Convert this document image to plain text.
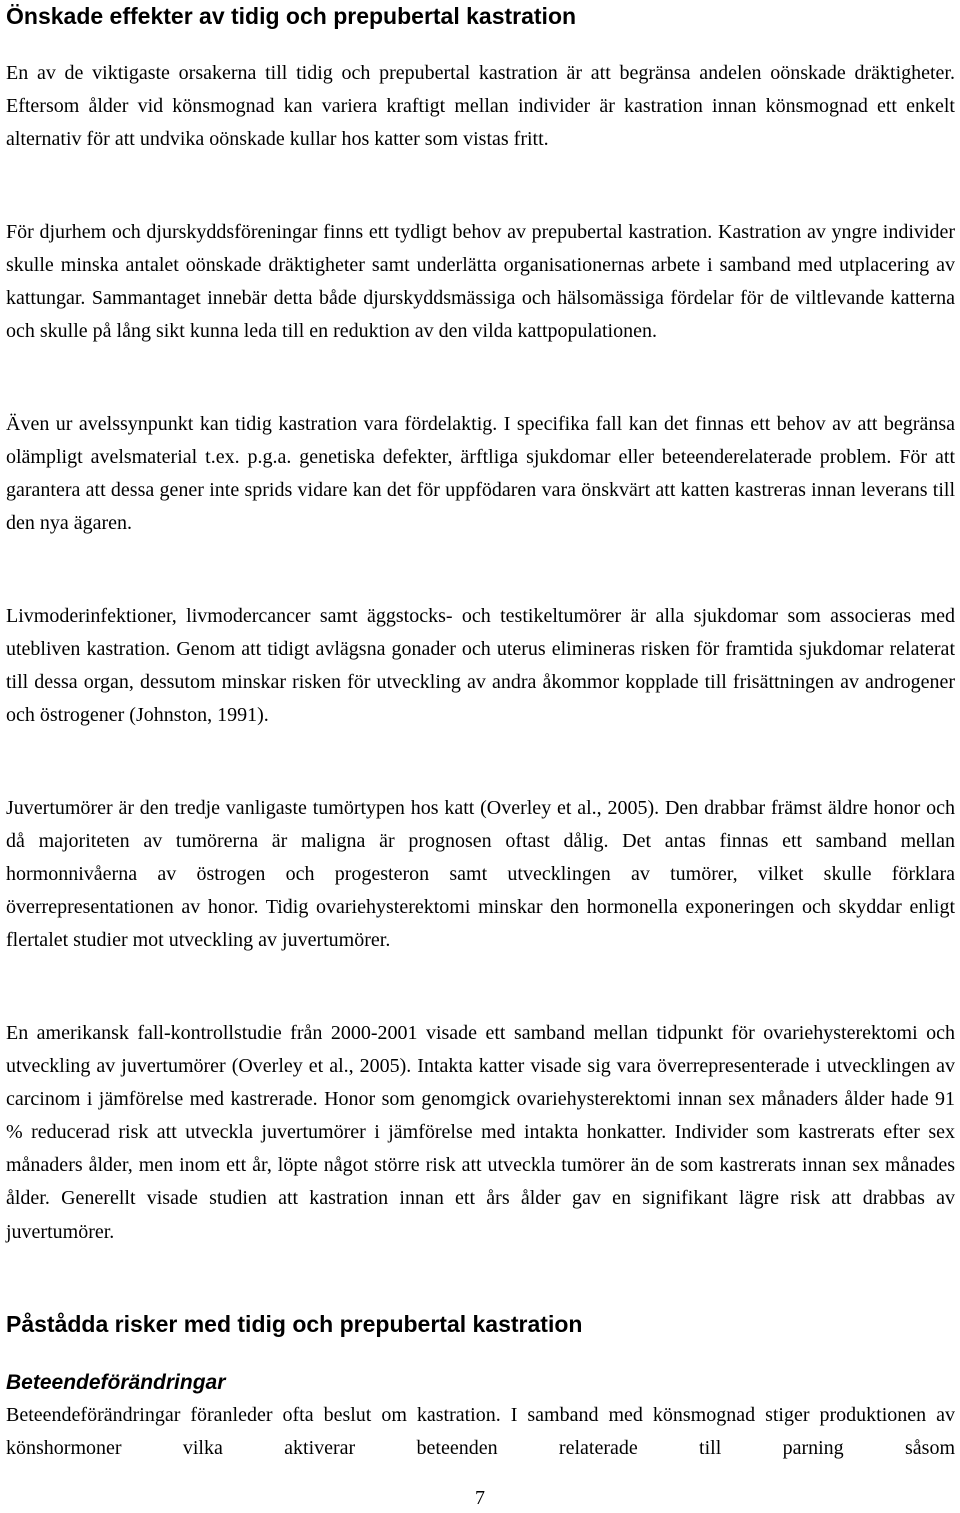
Önskade effekter av tidig och prepubertal kastration

En av de viktigaste orsakerna till tidig och prepubertal kastration är att begränsa andelen oönskade dräktigheter. Eftersom ålder vid könsmognad kan variera kraftigt mellan individer är kastration innan könsmognad ett enkelt alternativ för att undvika oönskade kullar hos katter som vistas fritt.

För djurhem och djurskyddsföreningar finns ett tydligt behov av prepubertal kastration. Kastration av yngre individer skulle minska antalet oönskade dräktigheter samt underlätta organisationernas arbete i samband med utplacering av kattungar. Sammantaget innebär detta både djurskyddsmässiga och hälsomässiga fördelar för de viltlevande katterna och skulle på lång sikt kunna leda till en reduktion av den vilda kattpopulationen.

Även ur avelssynpunkt kan tidig kastration vara fördelaktig. I specifika fall kan det finnas ett behov av att begränsa olämpligt avelsmaterial t.ex. p.g.a. genetiska defekter, ärftliga sjukdomar eller beteenderelaterade problem. För att garantera att dessa gener inte sprids vidare kan det för uppfödaren vara önskvärt att katten kastreras innan leverans till den nya ägaren.

Livmoderinfektioner, livmodercancer samt äggstocks- och testikeltumörer är alla sjukdomar som associeras med utebliven kastration. Genom att tidigt avlägsna gonader och uterus elimineras risken för framtida sjukdomar relaterat till dessa organ, dessutom minskar risken för utveckling av andra åkommor kopplade till frisättningen av androgener och östrogener (Johnston, 1991).

Juvertumörer är den tredje vanligaste tumörtypen hos katt (Overley et al., 2005). Den drabbar främst äldre honor och då majoriteten av tumörerna är maligna är prognosen oftast dålig. Det antas finnas ett samband mellan hormonnivåerna av östrogen och progesteron samt utvecklingen av tumörer, vilket skulle förklara överrepresentationen av honor. Tidig ovariehysterektomi minskar den hormonella exponeringen och skyddar enligt flertalet studier mot utveckling av juvertumörer.

En amerikansk fall-kontrollstudie från 2000-2001 visade ett samband mellan tidpunkt för ovariehysterektomi och utveckling av juvertumörer (Overley et al., 2005). Intakta katter visade sig vara överrepresenterade i utvecklingen av carcinom i jämförelse med kastrerade. Honor som genomgick ovariehysterektomi innan sex månaders ålder hade 91 % reducerad risk att utveckla juvertumörer i jämförelse med intakta honkatter. Individer som kastrerats efter sex månaders ålder, men inom ett år, löpte något större risk att utveckla tumörer än de som kastrerats innan sex månades ålder. Generellt visade studien att kastration innan ett års ålder gav en signifikant lägre risk att drabbas av juvertumörer.

Påstådda risker med tidig och prepubertal kastration
Beteendeförändringar

Beteendeförändringar föranleder ofta beslut om kastration. I samband med könsmognad stiger produktionen av könshormoner vilka aktiverar beteenden relaterade till parning såsom

7
